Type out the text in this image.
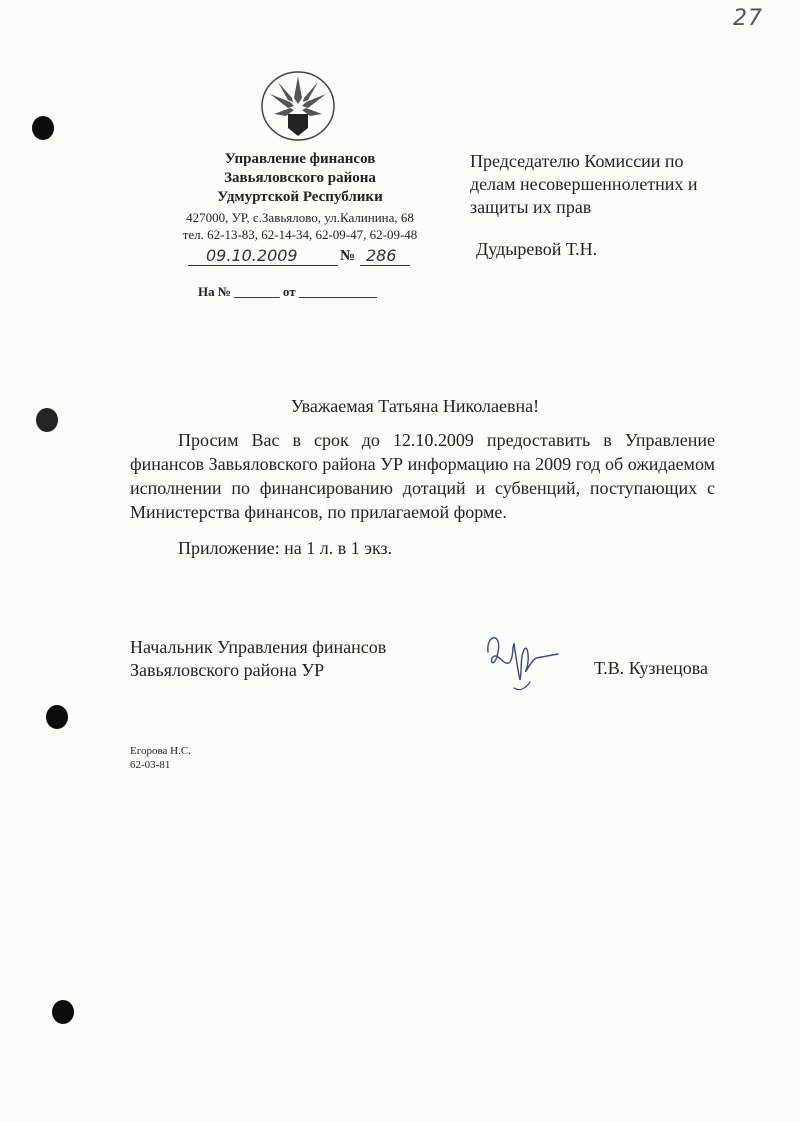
27
Управление финансов
Завьяловского района
Удмуртской Республики
427000, УР, с.Завьялово, ул.Калинина, 68
тел. 62-13-83, 62-14-34, 62-09-47, 62-09-48
09.10.2009	№ 286
На № _______ от ____________
Председателю Комиссии по
делам несовершеннолетних и
защиты их прав
Дудыревой Т.Н.
Уважаемая Татьяна Николаевна!
Просим Вас в срок до 12.10.2009 предоставить в Управление финансов Завьяловского района УР информацию на 2009 год об ожидаемом исполнении по финансированию дотаций и субвенций, поступающих с Министерства финансов, по прилагаемой форме.
Приложение: на 1 л. в 1 экз.
Начальник Управления финансов
Завьяловского района УР	Т.В. Кузнецова
Егорова Н.С.
62-03-81
